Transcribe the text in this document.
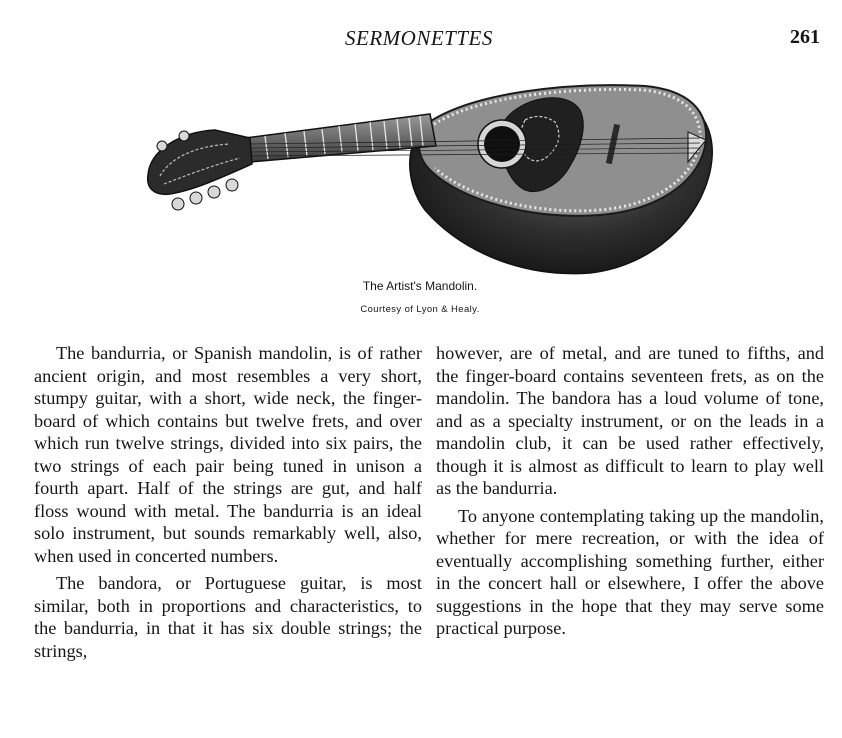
SERMONETTES	261
The Artist's Mandolin.
Courtesy of Lyon & Healy.

The bandurria, or Spanish mandolin, is of rather ancient origin, and most resembles a very short, stumpy guitar, with a short, wide neck, the finger-board of which contains but twelve frets, and over which run twelve strings, divided into six pairs, the two strings of each pair being tuned in unison a fourth apart. Half of the strings are gut, and half floss wound with metal. The bandurria is an ideal solo instrument, but sounds remarkably well, also, when used in concerted numbers.

The bandora, or Portuguese guitar, is most similar, both in proportions and characteristics, to the bandurria, in that it has six double strings; the strings,

however, are of metal, and are tuned to fifths, and the finger-board contains seventeen frets, as on the mandolin. The bandora has a loud volume of tone, and as a specialty instrument, or on the leads in a mandolin club, it can be used rather effectively, though it is almost as difficult to learn to play well as the bandurria.

To anyone contemplating taking up the mandolin, whether for mere recreation, or with the idea of eventually accomplishing something further, either in the concert hall or elsewhere, I offer the above suggestions in the hope that they may serve some practical purpose.
